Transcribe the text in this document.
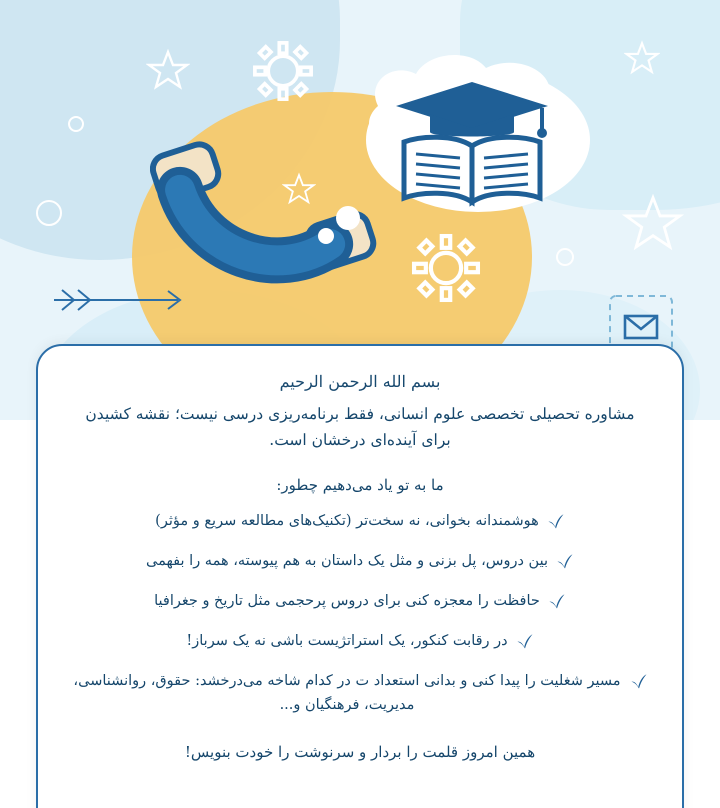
بسم الله الرحمن الرحیم
مشاوره تحصیلی تخصصی علوم انسانی، فقط برنامه‌ریزی درسی نیست؛ نقشه کشیدن برای آینده‌ای درخشان است.
ما به تو یاد می‌دهیم چطور:
هوشمندانه بخوانی، نه سخت‌تر (تکنیک‌های مطالعه سریع و مؤثر)
بین دروس، پل بزنی و مثل یک داستان به هم پیوسته، همه را بفهمی
حافظت را معجزه کنی برای دروس پرحجمی مثل تاریخ و جغرافیا
در رقابت کنکور، یک استراتژیست باشی نه یک سرباز!
مسیر شغلیت را پیدا کنی و بدانی استعداد ت در کدام شاخه می‌درخشد: حقوق، روانشناسی، مدیریت، فرهنگیان و...
همین امروز قلمت را بردار و سرنوشت را خودت بنویس!
